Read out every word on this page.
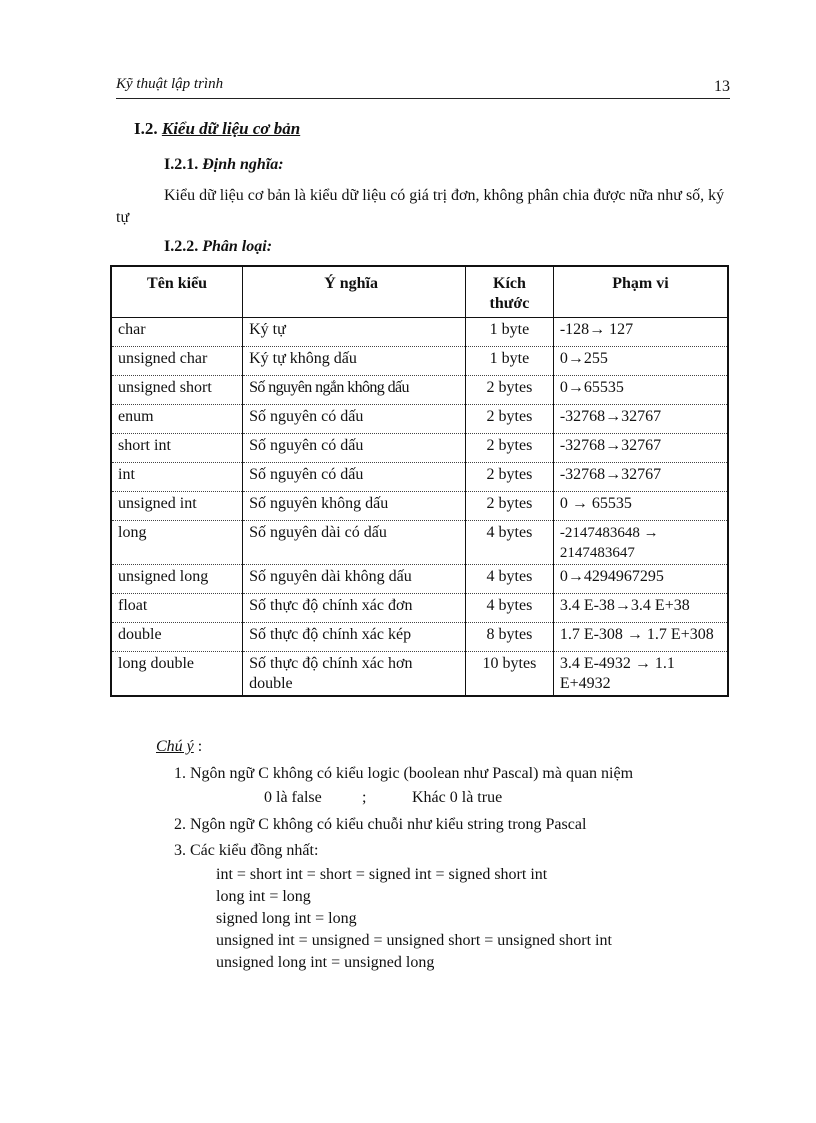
Kỹ thuật lập trình	13
I.2. Kiểu dữ liệu cơ bản
I.2.1. Định nghĩa:
Kiểu dữ liệu cơ bản là kiểu dữ liệu có giá trị đơn, không phân chia được nữa như số, ký tự
I.2.2. Phân loại:
Tên kiểu	Ý nghĩa	Kích thước	Phạm vi
char	Ký tự	1 byte	-128→ 127
unsigned char	Ký tự không dấu	1 byte	0→255
unsigned short	Số nguyên ngắn không dấu	2 bytes	0→65535
enum	Số nguyên có dấu	2 bytes	-32768→32767
short int	Số nguyên có dấu	2 bytes	-32768→32767
int	Số nguyên có dấu	2 bytes	-32768→32767
unsigned int	Số nguyên không dấu	2 bytes	0 → 65535
long	Số nguyên dài có dấu	4 bytes	-2147483648 → 2147483647
unsigned long	Số nguyên dài không dấu	4 bytes	0→4294967295
float	Số thực độ chính xác đơn	4 bytes	3.4 E-38→3.4 E+38
double	Số thực độ chính xác kép	8 bytes	1.7 E-308 → 1.7 E+308
long double	Số thực độ chính xác hơn double	10 bytes	3.4 E-4932 → 1.1 E+4932
Chú ý :
1. Ngôn ngữ C không có kiểu logic (boolean như Pascal) mà quan niệm
0 là false	;	Khác 0 là true
2. Ngôn ngữ C không có kiểu chuỗi như kiểu string trong Pascal
3. Các kiểu đồng nhất:
int = short int = short = signed int = signed short int
long int = long
signed long int = long
unsigned int = unsigned = unsigned short = unsigned short int
unsigned long int = unsigned long
